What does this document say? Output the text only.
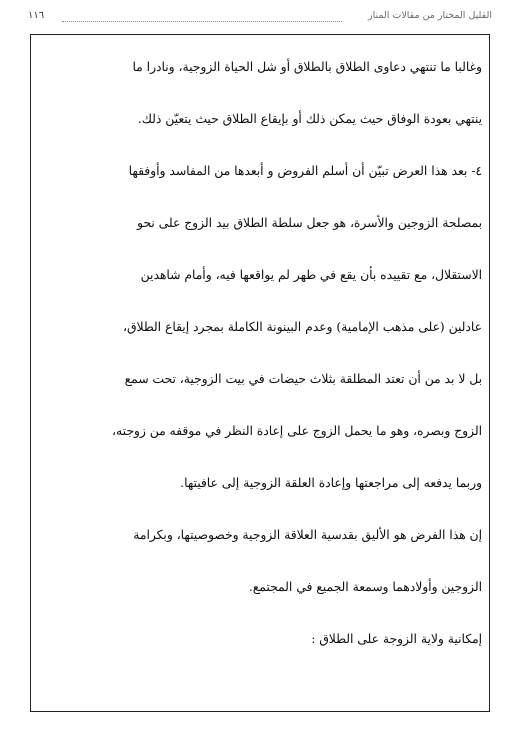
١١٦	القليل المختار من مقالات المنار
وغالبا ما تنتهي دعاوى الطلاق بالطلاق أو شل الحياة الزوجية، ونادرا ما
ينتهي بعودة الوفاق حيث يمكن ذلك أو بإيقاع الطلاق حيث يتعيّن ذلك.
٤- بعد هذا العرض تبيّن أن أسلم الفروض و أبعدها من المفاسد وأوفقها
بمصلحة الزوجين والأسرة، هو جعل سلطة الطلاق بيد الزوج على نحو
الاستقلال، مع تقييده بأن يقع في طهر لم يواقعها فيه، وأمام شاهدين
عادلين (على مذهب الإمامية) وعدم البينونة الكاملة بمجرد إيقاع الطلاق،
بل لا بد من أن تعتد المطلقة بثلاث حيضات في بيت الزوجية، تحت سمع
الزوج وبصره، وهو ما يحمل الزوج على إعادة النظر في موقفه من زوجته،
وربما يدفعه إلى مراجعتها وإعادة العلقة الزوجية إلى عافيتها.
إن هذا الفرض هو الأليق بقدسية العلاقة الزوجية وخصوصيتها، وبكرامة
الزوجين وأولادهما وسمعة الجميع في المجتمع.
إمكانية ولاية الزوجة على الطلاق :
